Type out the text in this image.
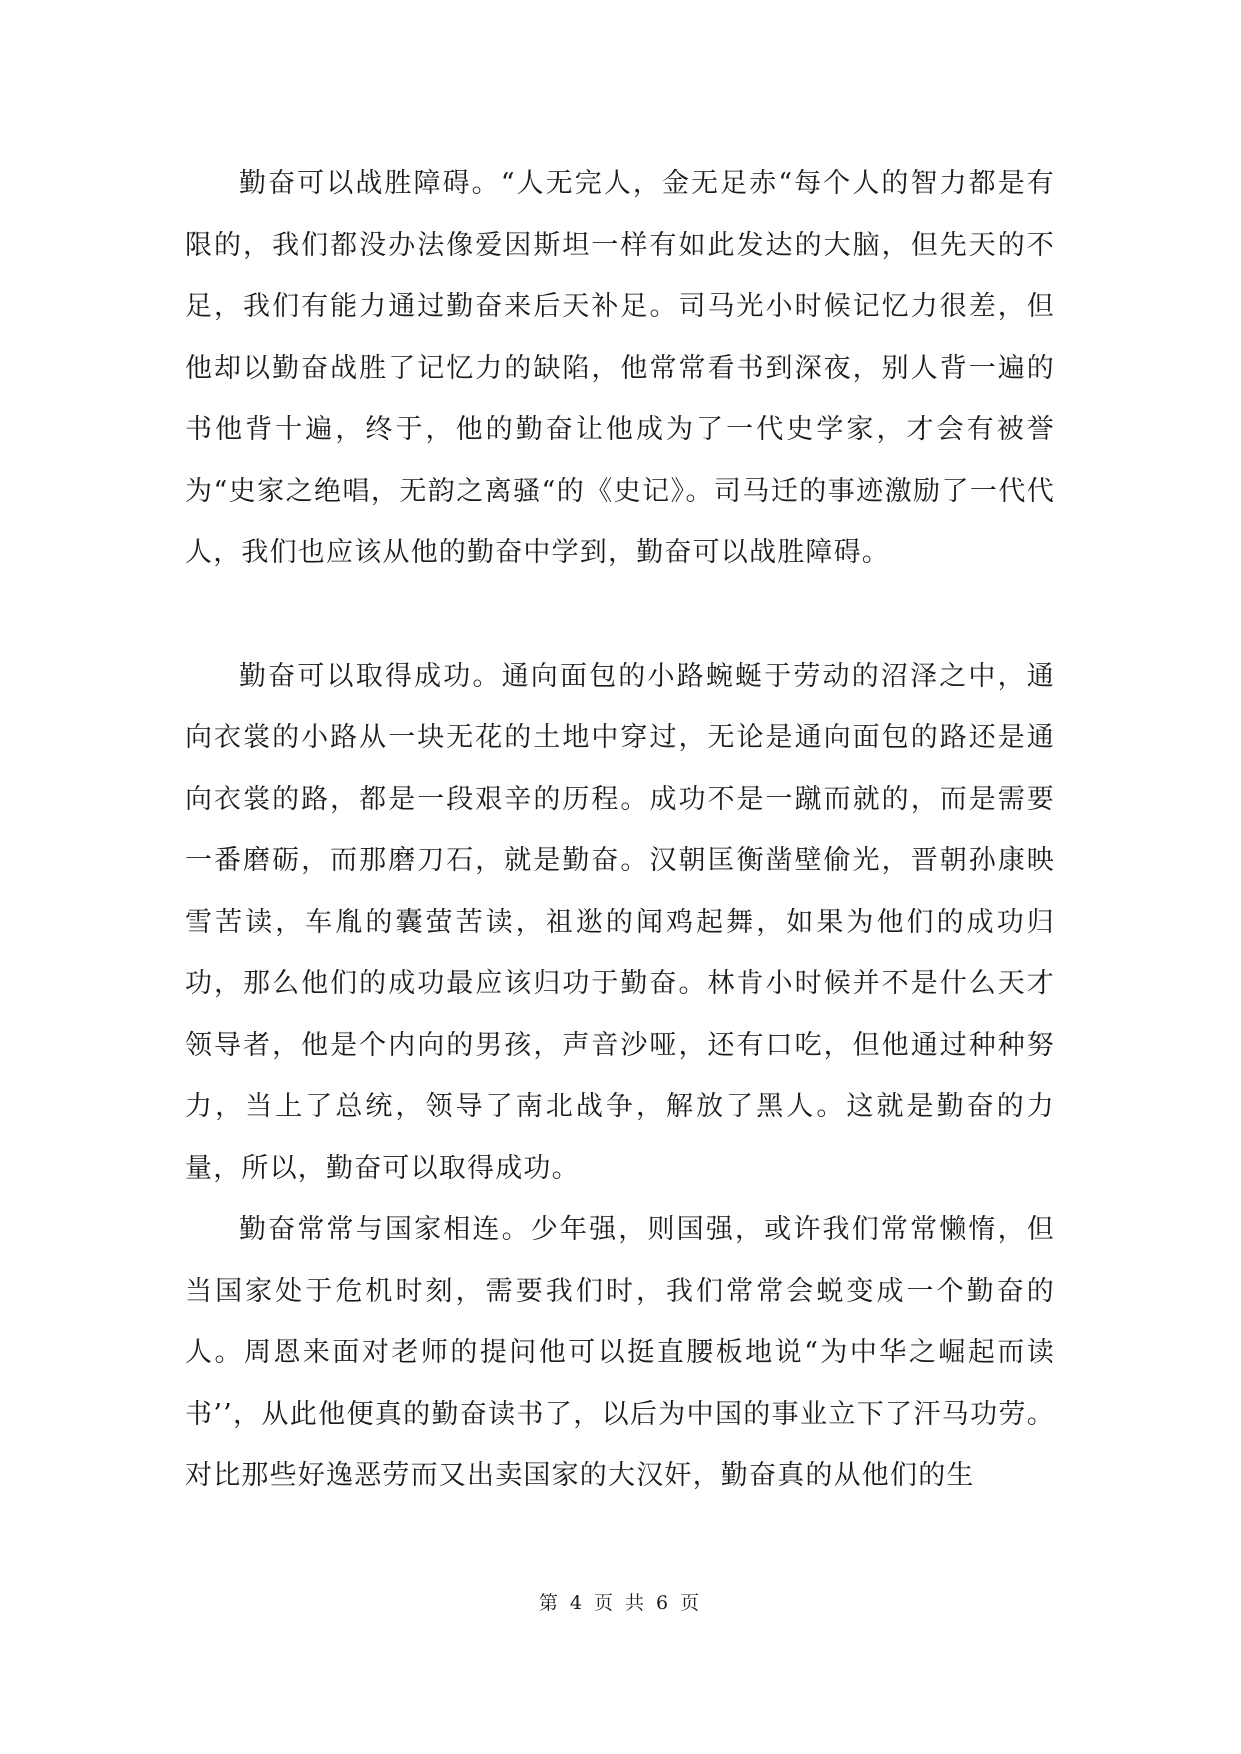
勤奋可以战胜障碍。“人无完人，金无足赤“每个人的智力都是有限的，我们都没办法像爱因斯坦一样有如此发达的大脑，但先天的不足，我们有能力通过勤奋来后天补足。司马光小时候记忆力很差，但他却以勤奋战胜了记忆力的缺陷，他常常看书到深夜，别人背一遍的书他背十遍，终于，他的勤奋让他成为了一代史学家，才会有被誉为“史家之绝唱，无韵之离骚“的《史记》。司马迁的事迹激励了一代代人，我们也应该从他的勤奋中学到，勤奋可以战胜障碍。

勤奋可以取得成功。通向面包的小路蜿蜒于劳动的沼泽之中，通向衣裳的小路从一块无花的土地中穿过，无论是通向面包的路还是通向衣裳的路，都是一段艰辛的历程。成功不是一蹴而就的，而是需要一番磨砺，而那磨刀石，就是勤奋。汉朝匡衡凿壁偷光，晋朝孙康映雪苦读，车胤的囊萤苦读，祖逖的闻鸡起舞，如果为他们的成功归功，那么他们的成功最应该归功于勤奋。林肯小时候并不是什么天才领导者，他是个内向的男孩，声音沙哑，还有口吃，但他通过种种努力，当上了总统，领导了南北战争，解放了黑人。这就是勤奋的力量，所以，勤奋可以取得成功。

勤奋常常与国家相连。少年强，则国强，或许我们常常懒惰，但当国家处于危机时刻，需要我们时，我们常常会蜕变成一个勤奋的人。周恩来面对老师的提问他可以挺直腰板地说“为中华之崛起而读书’’，从此他便真的勤奋读书了，以后为中国的事业立下了汗马功劳。对比那些好逸恶劳而又出卖国家的大汉奸，勤奋真的从他们的生

第 4 页 共 6 页
